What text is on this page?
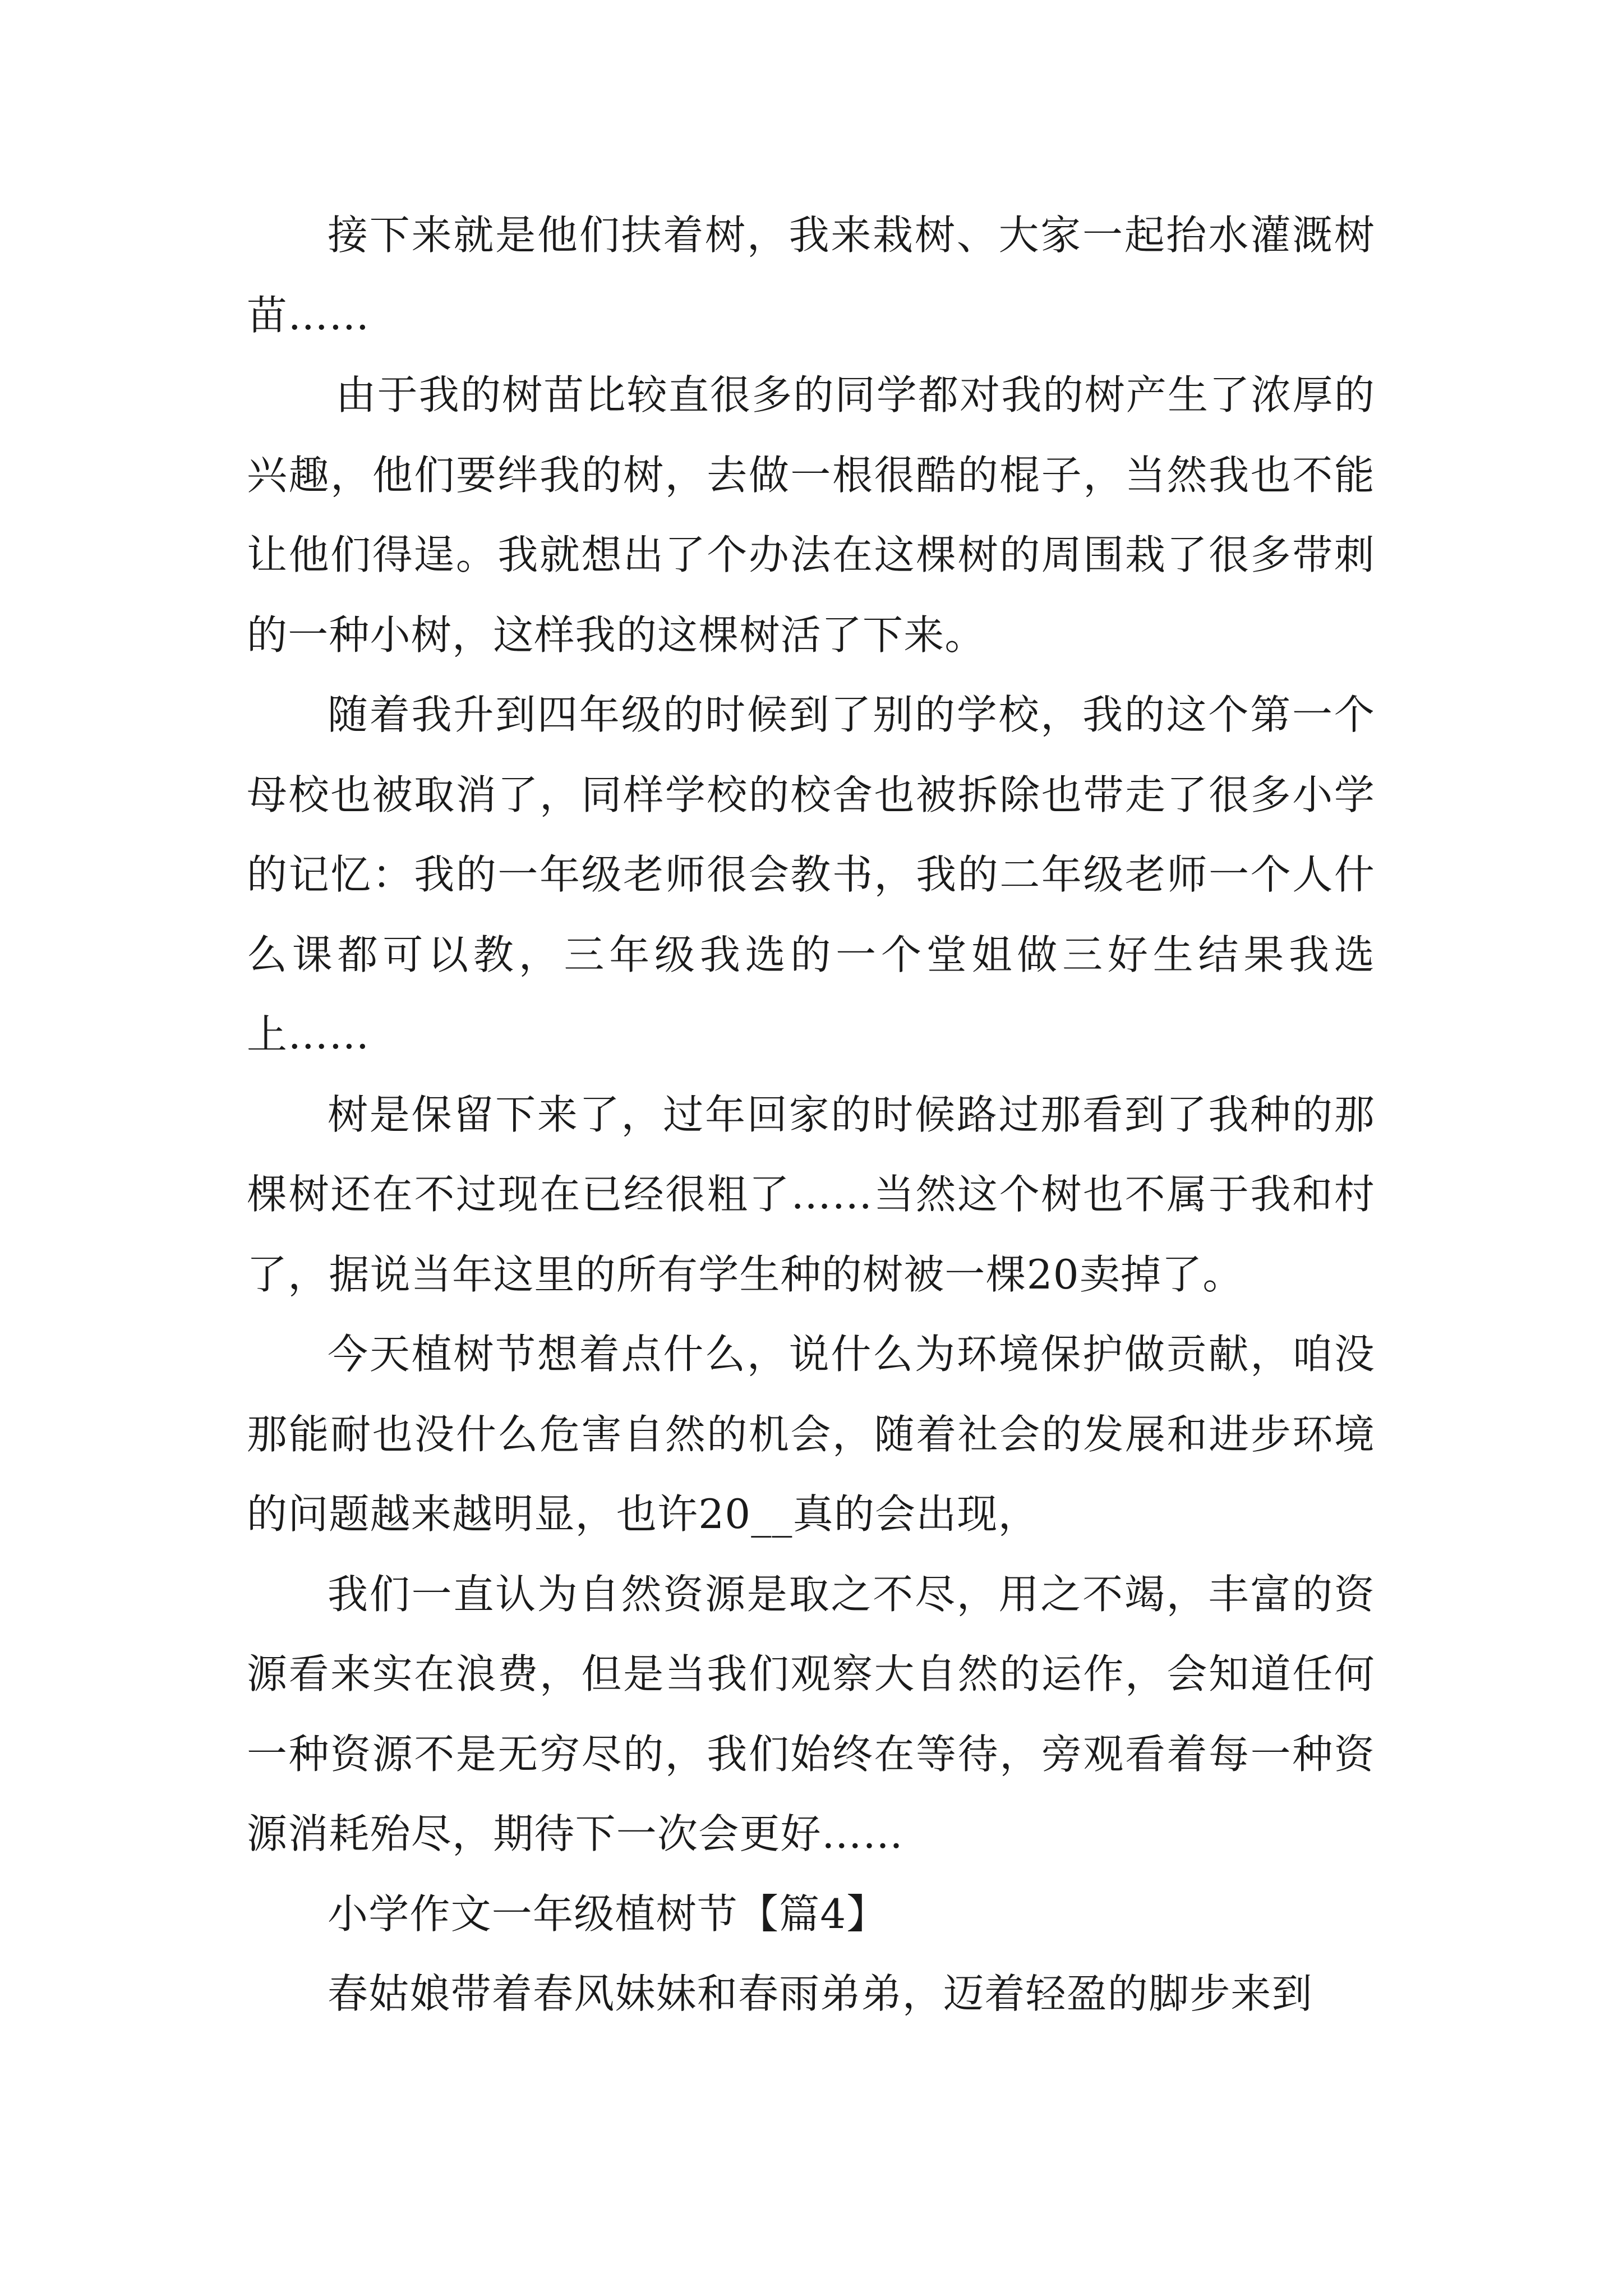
接下来就是他们扶着树，我来栽树、大家一起抬水灌溉树苗……

由于我的树苗比较直很多的同学都对我的树产生了浓厚的兴趣，他们要绊我的树，去做一根很酷的棍子，当然我也不能让他们得逞。我就想出了个办法在这棵树的周围栽了很多带刺的一种小树，这样我的这棵树活了下来。

随着我升到四年级的时候到了别的学校，我的这个第一个母校也被取消了，同样学校的校舍也被拆除也带走了很多小学的记忆：我的一年级老师很会教书，我的二年级老师一个人什么课都可以教，三年级我选的一个堂姐做三好生结果我选上……

树是保留下来了，过年回家的时候路过那看到了我种的那棵树还在不过现在已经很粗了……当然这个树也不属于我和村了，据说当年这里的所有学生种的树被一棵20卖掉了。

今天植树节想着点什么，说什么为环境保护做贡献，咱没那能耐也没什么危害自然的机会，随着社会的发展和进步环境的问题越来越明显，也许20__真的会出现，

我们一直认为自然资源是取之不尽，用之不竭，丰富的资源看来实在浪费，但是当我们观察大自然的运作，会知道任何一种资源不是无穷尽的，我们始终在等待，旁观看着每一种资源消耗殆尽，期待下一次会更好……

小学作文一年级植树节【篇4】

春姑娘带着春风妹妹和春雨弟弟，迈着轻盈的脚步来到
